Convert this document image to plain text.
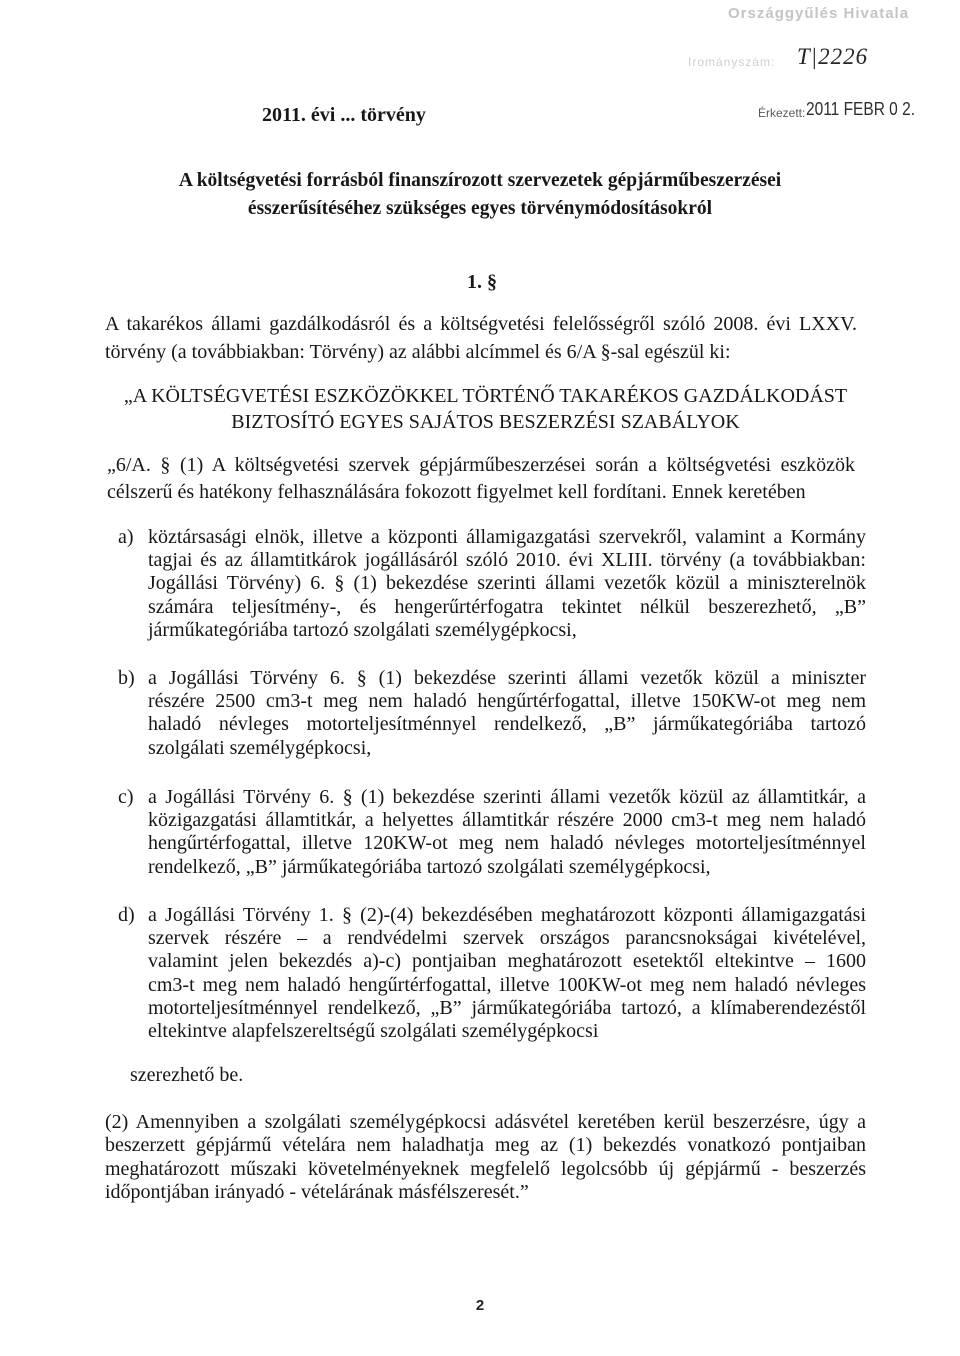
Országgyűlés Hivatala
Irományszám: T|2226
Érkezett: 2011 FEBR 0 2.
2011. évi ... törvény
A költségvetési forrásból finanszírozott szervezetek gépjárműbeszerzései
ésszerűsítéséhez szükséges egyes törvénymódosításokról
1. §
A takarékos állami gazdálkodásról és a költségvetési felelősségről szóló 2008. évi LXXV.
törvény (a továbbiakban: Törvény) az alábbi alcímmel és 6/A §-sal egészül ki:
„A KÖLTSÉGVETÉSI ESZKÖZÖKKEL TÖRTÉNŐ TAKARÉKOS GAZDÁLKODÁST
BIZTOSÍTÓ EGYES SAJÁTOS BESZERZÉSI SZABÁLYOK
„6/A. § (1) A költségvetési szervek gépjárműbeszerzései során a költségvetési eszközök
célszerű és hatékony felhasználására fokozott figyelmet kell fordítani. Ennek keretében
a) köztársasági elnök, illetve a központi államigazgatási szervekről, valamint a Kormány
tagjai és az államtitkárok jogállásáról szóló 2010. évi XLIII. törvény (a továbbiakban:
Jogállási Törvény) 6. § (1) bekezdése szerinti állami vezetők közül a miniszterelnök
számára teljesítmény-, és hengerűrtérfogatra tekintet nélkül beszerezhető, „B”
járműkategóriába tartozó szolgálati személygépkocsi,
b) a Jogállási Törvény 6. § (1) bekezdése szerinti állami vezetők közül a miniszter
részére 2500 cm3-t meg nem haladó hengűrtérfogattal, illetve 150KW-ot meg nem
haladó névleges motorteljesítménnyel rendelkező, „B” járműkategóriába tartozó
szolgálati személygépkocsi,
c) a Jogállási Törvény 6. § (1) bekezdése szerinti állami vezetők közül az államtitkár, a
közigazgatási államtitkár, a helyettes államtitkár részére 2000 cm3-t meg nem haladó
hengűrtérfogattal, illetve 120KW-ot meg nem haladó névleges motorteljesítménnyel
rendelkező, „B” járműkategóriába tartozó szolgálati személygépkocsi,
d) a Jogállási Törvény 1. § (2)-(4) bekezdésében meghatározott központi államigazgatási
szervek részére – a rendvédelmi szervek országos parancsnokságai kivételével,
valamint jelen bekezdés a)-c) pontjaiban meghatározott esetektől eltekintve – 1600
cm3-t meg nem haladó hengűrtérfogattal, illetve 100KW-ot meg nem haladó névleges
motorteljesítménnyel rendelkező, „B” járműkategóriába tartozó, a klímaberendezéstől
eltekintve alapfelszereltségű szolgálati személygépkocsi
szerezhető be.
(2) Amennyiben a szolgálati személygépkocsi adásvétel keretében kerül beszerzésre, úgy a
beszerzett gépjármű vételára nem haladhatja meg az (1) bekezdés vonatkozó pontjaiban
meghatározott műszaki követelményeknek megfelelő legolcsóbb új gépjármű - beszerzés
időpontjában irányadó - vételárának másfélszeresét.”
2
